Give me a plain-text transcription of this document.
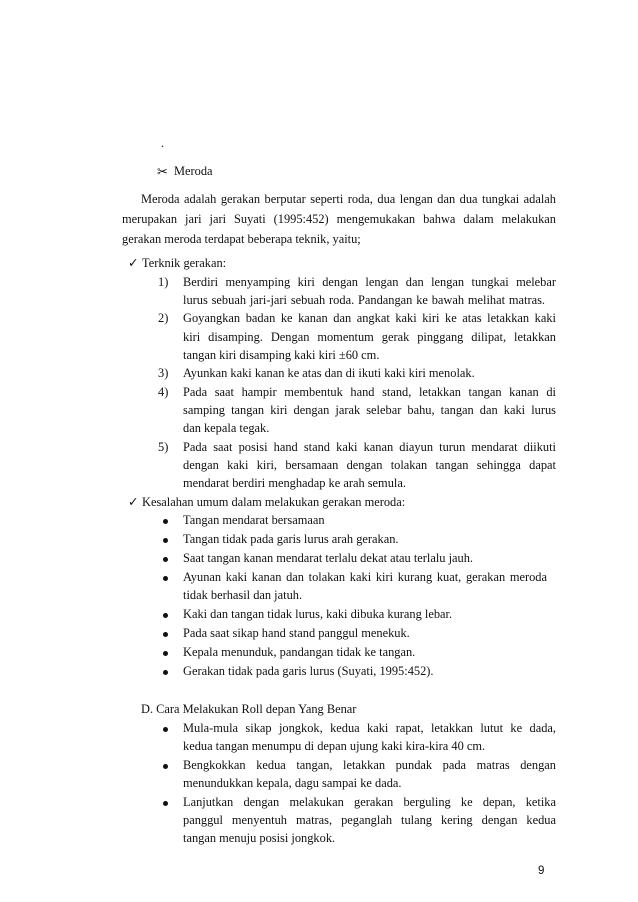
.
✂ Meroda
Meroda adalah gerakan berputar seperti roda, dua lengan dan dua tungkai adalah
merupakan jari jari Suyati (1995:452) mengemukakan bahwa dalam melakukan
gerakan meroda terdapat beberapa teknik, yaitu;
✓ Terknik gerakan:
1) Berdiri menyamping kiri dengan lengan dan lengan tungkai melebar
lurus sebuah jari-jari sebuah roda. Pandangan ke bawah melihat matras.
2) Goyangkan badan ke kanan dan angkat kaki kiri ke atas letakkan kaki
kiri disamping. Dengan momentum gerak pinggang dilipat, letakkan
tangan kiri disamping kaki kiri ±60 cm.
3) Ayunkan kaki kanan ke atas dan di ikuti kaki kiri menolak.
4) Pada saat hampir membentuk hand stand, letakkan tangan kanan di
samping tangan kiri dengan jarak selebar bahu, tangan dan kaki lurus
dan kepala tegak.
5) Pada saat posisi hand stand kaki kanan diayun turun mendarat diikuti
dengan kaki kiri, bersamaan dengan tolakan tangan sehingga dapat
mendarat berdiri menghadap ke arah semula.
✓ Kesalahan umum dalam melakukan gerakan meroda:
Tangan mendarat bersamaan
Tangan tidak pada garis lurus arah gerakan.
Saat tangan kanan mendarat terlalu dekat atau terlalu jauh.
Ayunan kaki kanan dan tolakan kaki kiri kurang kuat, gerakan meroda
tidak berhasil dan jatuh.
Kaki dan tangan tidak lurus, kaki dibuka kurang lebar.
Pada saat sikap hand stand panggul menekuk.
Kepala menunduk, pandangan tidak ke tangan.
Gerakan tidak pada garis lurus (Suyati, 1995:452).
D. Cara Melakukan Roll depan Yang Benar
Mula-mula sikap jongkok, kedua kaki rapat, letakkan lutut ke dada,
kedua tangan menumpu di depan ujung kaki kira-kira 40 cm.
Bengkokkan kedua tangan, letakkan pundak pada matras dengan
menundukkan kepala, dagu sampai ke dada.
Lanjutkan dengan melakukan gerakan berguling ke depan, ketika
panggul menyentuh matras, peganglah tulang kering dengan kedua
tangan menuju posisi jongkok.
9
